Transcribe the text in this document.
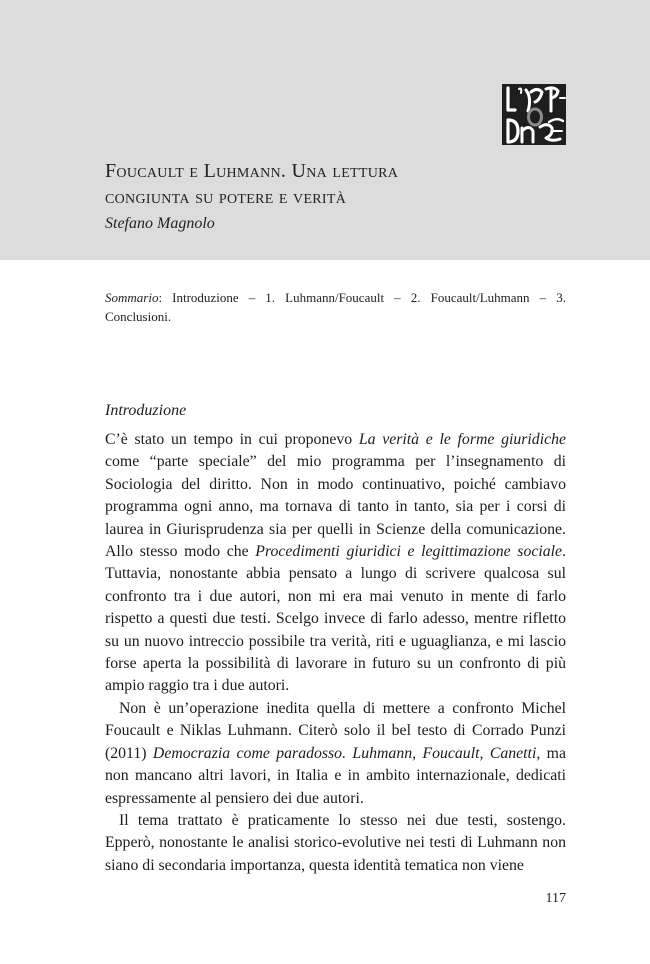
Foucault e Luhmann. Una lettura
congiunta su potere e verità

Stefano Magnolo

Sommario: Introduzione – 1. Luhmann/Foucault – 2. Foucault/Luhmann – 3. Conclusioni.

Introduzione

C’è stato un tempo in cui proponevo La verità e le forme giuridiche come “parte speciale” del mio programma per l’insegnamento di Sociologia del diritto. Non in modo continuativo, poiché cambiavo programma ogni anno, ma tornava di tanto in tanto, sia per i corsi di laurea in Giurisprudenza sia per quelli in Scienze della comunicazione. Allo stesso modo che Procedimenti giuridici e legittimazione sociale. Tuttavia, nonostante abbia pensato a lungo di scrivere qualcosa sul confronto tra i due autori, non mi era mai venuto in mente di farlo rispetto a questi due testi. Scelgo invece di farlo adesso, mentre rifletto su un nuovo intreccio possibile tra verità, riti e uguaglianza, e mi lascio forse aperta la possibilità di lavorare in futuro su un confronto di più ampio raggio tra i due autori.

Non è un’operazione inedita quella di mettere a confronto Michel Foucault e Niklas Luhmann. Citerò solo il bel testo di Corrado Punzi (2011) Democrazia come paradosso. Luhmann, Foucault, Canetti, ma non mancano altri lavori, in Italia e in ambito internazionale, dedicati espressamente al pensiero dei due autori.

Il tema trattato è praticamente lo stesso nei due testi, sostengo. Epperò, nonostante le analisi storico-evolutive nei testi di Luhmann non siano di secondaria importanza, questa identità tematica non viene

117
